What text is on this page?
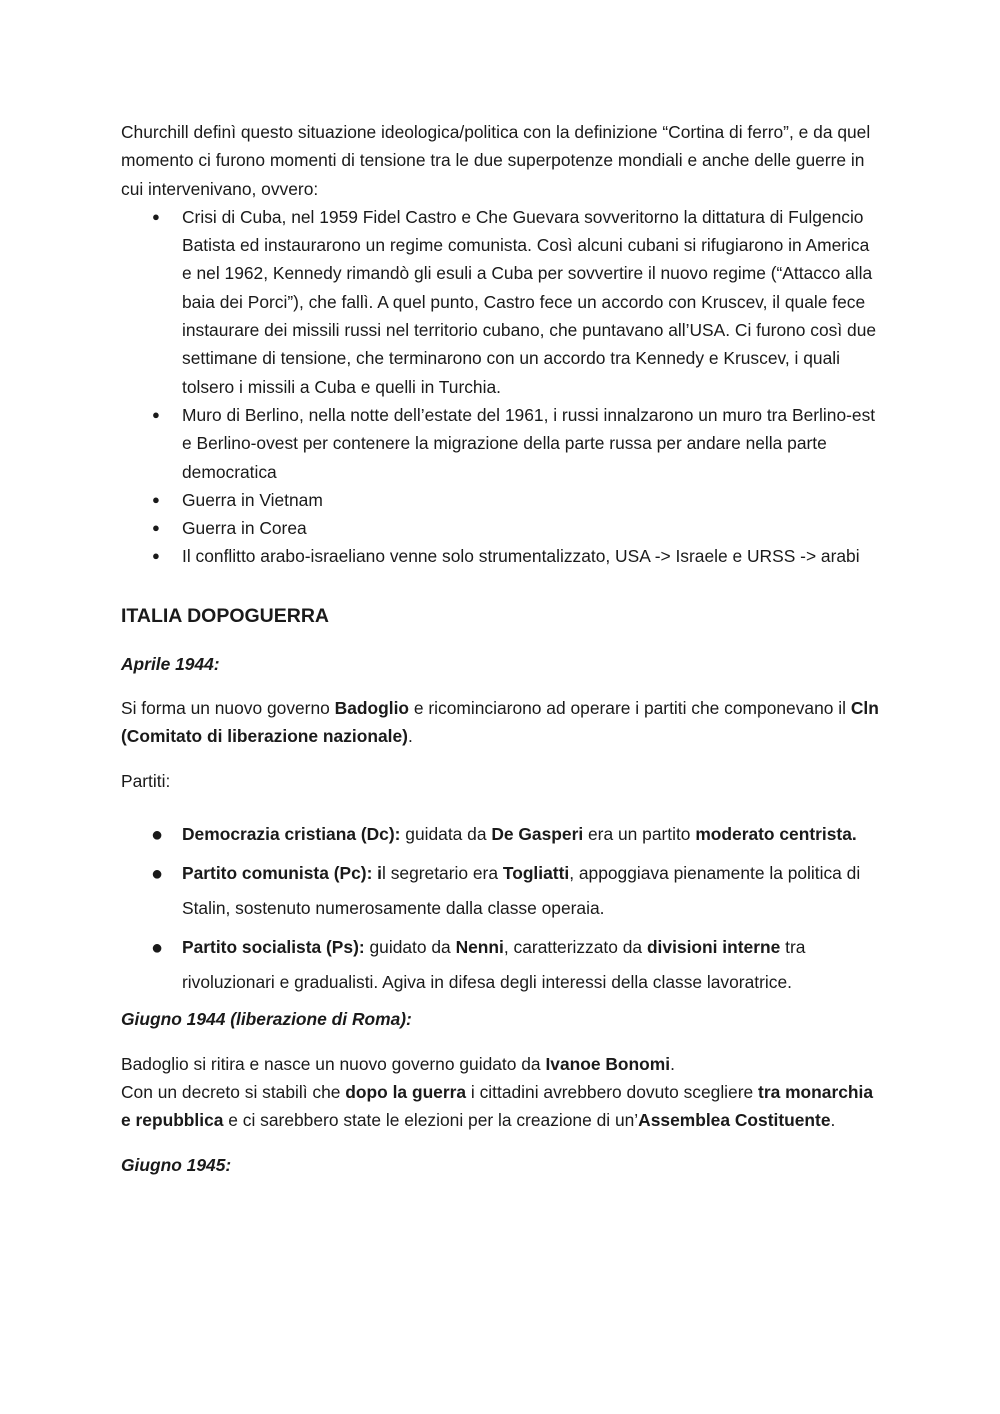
Churchill definì questo situazione ideologica/politica con la definizione “Cortina di ferro”, e da quel momento ci furono momenti di tensione tra le due superpotenze mondiali e anche delle guerre in cui intervenivano, ovvero:

● Crisi di Cuba, nel 1959 Fidel Castro e Che Guevara sovveritorno la dittatura di Fulgencio Batista ed instaurarono un regime comunista. Così alcuni cubani si rifugiarono in America e nel 1962, Kennedy rimandò gli esuli a Cuba per sovvertire il nuovo regime (“Attacco alla baia dei Porci”), che fallì. A quel punto, Castro fece un accordo con Kruscev, il quale fece instaurare dei missili russi nel territorio cubano, che puntavano all’USA. Ci furono così due settimane di tensione, che terminarono con un accordo tra Kennedy e Kruscev, i quali tolsero i missili a Cuba e quelli in Turchia.
● Muro di Berlino, nella notte dell’estate del 1961, i russi innalzarono un muro tra Berlino-est e Berlino-ovest per contenere la migrazione della parte russa per andare nella parte democratica
● Guerra in Vietnam
● Guerra in Corea
● Il conflitto arabo-israeliano venne solo strumentalizzato, USA -> Israele e URSS -> arabi

ITALIA DOPOGUERRA

Aprile 1944:

Si forma un nuovo governo Badoglio e ricominciarono ad operare i partiti che componevano il Cln (Comitato di liberazione nazionale).

Partiti:

● Democrazia cristiana (Dc): guidata da De Gasperi era un partito moderato centrista.
● Partito comunista (Pc): il segretario era Togliatti, appoggiava pienamente la politica di Stalin, sostenuto numerosamente dalla classe operaia.
● Partito socialista (Ps): guidato da Nenni, caratterizzato da divisioni interne tra rivoluzionari e gradualisti. Agiva in difesa degli interessi della classe lavoratrice.

Giugno 1944 (liberazione di Roma):

Badoglio si ritira e nasce un nuovo governo guidato da Ivanoe Bonomi.

Con un decreto si stabilì che dopo la guerra i cittadini avrebbero dovuto scegliere tra monarchia e repubblica e ci sarebbero state le elezioni per la creazione di un’Assemblea Costituente.

Giugno 1945:
